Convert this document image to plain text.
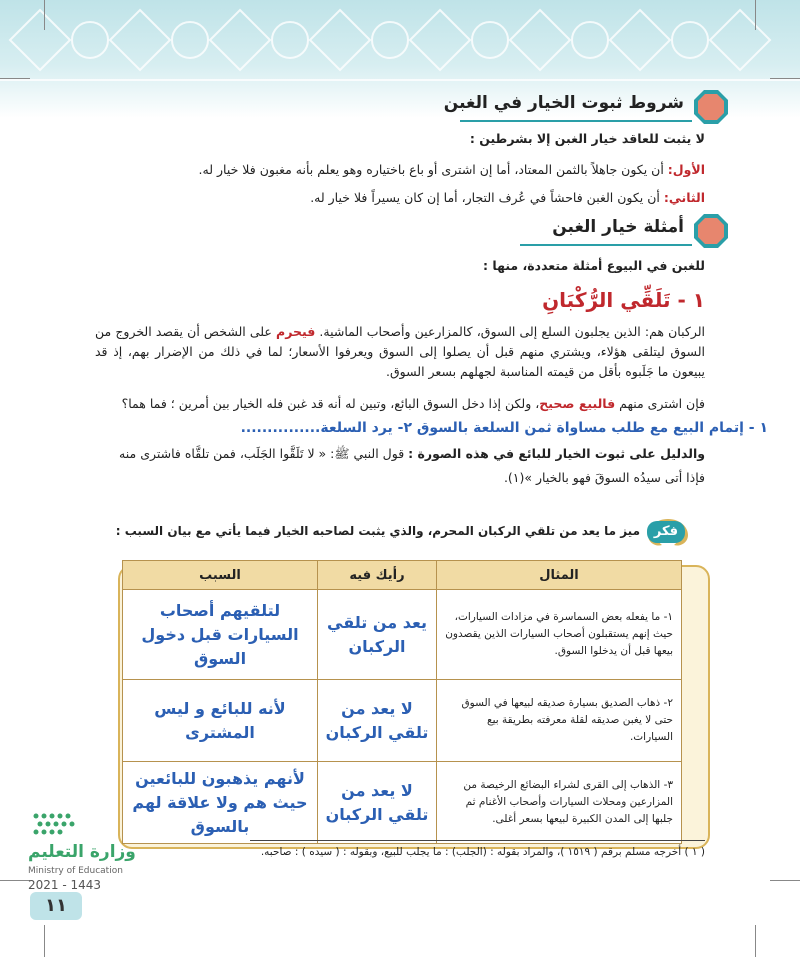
شروط ثبوت الخيار في الغبن
لا يثبت للعاقد خيار الغبن إلا بشرطين :
الأول: أن يكون جاهلاً بالثمن المعتاد، أما إن اشترى أو باع باختياره وهو يعلم بأنه مغبون فلا خيار له.
الثاني: أن يكون الغبن فاحشاً في عُرف التجار، أما إن كان يسيراً فلا خيار له.
أمثلة خيار الغبن
للغبن في البيوع أمثلة متعددة، منها :
١ - تَلَقِّي الرُّكْبَانِ
الركبان هم: الذين يجلبون السلع إلى السوق، كالمزارعين وأصحاب الماشية. فيحرم على الشخص أن يقصد الخروج من السوق ليتلقى هؤلاء، ويشتري منهم قبل أن يصلوا إلى السوق ويعرفوا الأسعار؛ لما في ذلك من الإضرار بهم، إذ قد يبيعون ما جَلَبوه بأقل من قيمته المناسبة لجهلهم بسعر السوق.
فإن اشترى منهم فالبيع صحيح، ولكن إذا دخل السوق البائع، وتبين له أنه قد غبن فله الخيار بين أمرين ؛ فما هما؟
١ - إتمام البيع مع طلب مساواة ثمن السلعة بالسوق ٢- يرد السلعة...............
والدليل على ثبوت الخيار للبائع في هذه الصورة : قول النبي ﷺ: « لا تَلَقَّوا الجَلَب، فمن تلقَّاه فاشترى منه
فإذا أتى سيدُه السوقَ فهو بالخيار »(١).
فكر
ميز ما يعد من تلقي الركبان المحرم، والذي يثبت لصاحبه الخيار فيما يأتي مع بيان السبب :
المثال	رأيك فيه	السبب
١- ما يفعله بعض السماسرة في مزادات السيارات، حيث إنهم يستقبلون أصحاب السيارات الذين يقصدون بيعها قبل أن يدخلوا السوق.	يعد من تلقي الركبان	لتلقيهم أصحاب السيارات قبل دخول السوق
٢- ذهاب الصديق بسيارة صديقه لبيعها في السوق حتى لا يغبن صديقه لقلة معرفته بطريقة بيع السيارات.	لا يعد من تلقي الركبان	لأنه للبائع و ليس المشترى
٣- الذهاب إلى القرى لشراء البضائع الرخيصة من المزارعين ومحلات السيارات وأصحاب الأغنام ثم جلبها إلى المدن الكبيرة لبيعها بسعر أغلى.	لا يعد من تلقي الركبان	لأنهم يذهبون للبائعين حيث هم ولا علاقة لهم بالسوق
( ١ ) أخرجه مسلم برقم ( ١٥١٩ )، والمراد بقوله : (الجلب) : ما يجلب للبيع، وبقوله : ( سيده ) : صاحبه.
وزارة التعليم
Ministry of Education
2021 - 1443
١١
